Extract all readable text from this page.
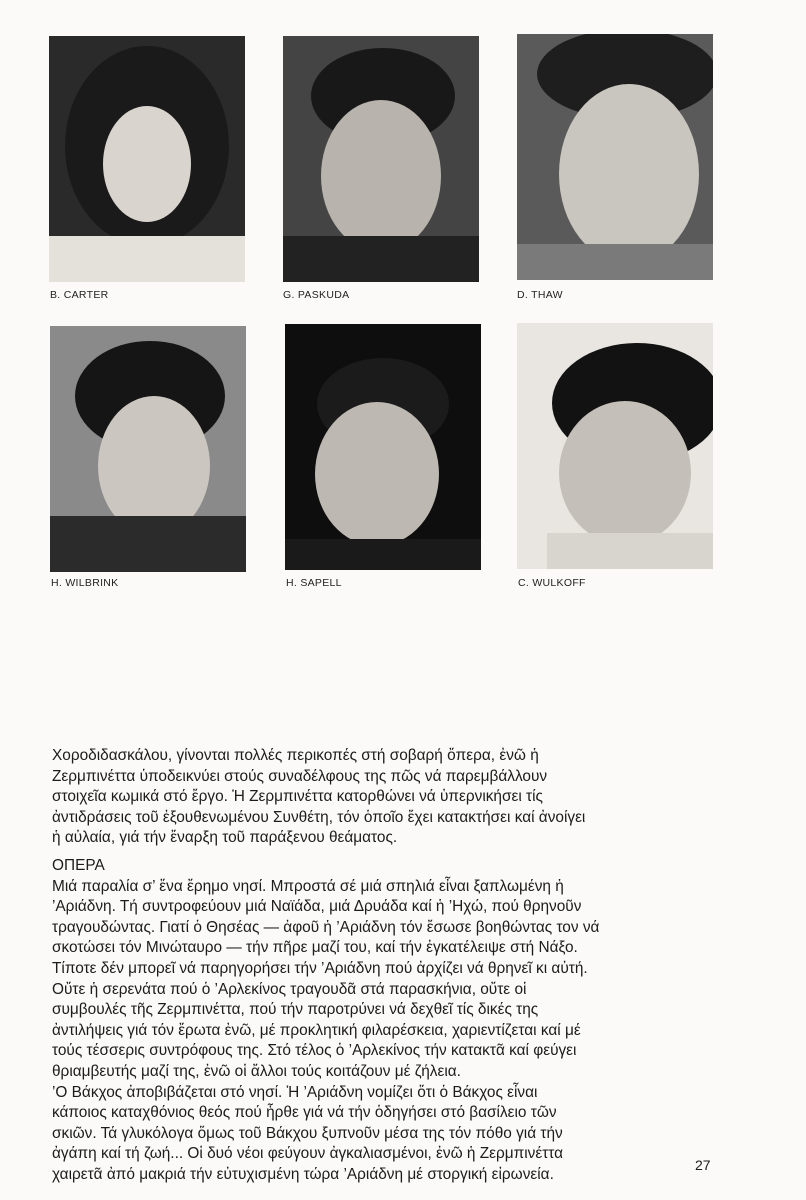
B. CARTER	G. PASKUDA	D. THAW
H. WILBRINK	H. SAPELL	C. WULKOFF

Χοροδιδασκάλου, γίνονται πολλές περικοπές στή σοβαρή ὄπερα, ἐνῶ ἡ

Ζερμπινέττα ὑποδεικνύει στούς συναδέλφους της πῶς νά παρεμβάλλουν

στοιχεῖα κωμικά στό ἔργο. Ἡ Ζερμπινέττα κατορθώνει νά ὑπερνικήσει τίς

ἀντιδράσεις τοῦ ἐξουθενωμένου Συνθέτη, τόν ὁποῖο ἔχει κατακτήσει καί ἀνοίγει

ἡ αὐλαία, γιά τήν ἔναρξη τοῦ παράξενου θεάματος.

ΟΠΕΡΑ

Μιά παραλία σ’ ἕνα ἔρημο νησί. Μπροστά σέ μιά σπηλιά εἶναι ξαπλωμένη ἡ

’Αριάδνη. Τή συντροφεύουν μιά Ναϊάδα, μιά Δρυάδα καί ἡ ’Ηχώ, πού θρηνοῦν

τραγουδώντας. Γιατί ὁ Θησέας — ἀφοῦ ἡ ’Αριάδνη τόν ἔσωσε βοηθώντας τον νά

σκοτώσει τόν Μινώταυρο — τήν πῆρε μαζί του, καί τήν ἐγκατέλειψε στή Νάξο.

Τίποτε δέν μπορεῖ νά παρηγορήσει τήν ’Αριάδνη πού ἀρχίζει νά θρηνεῖ κι αὐτή.

Οὔτε ἡ σερενάτα πού ὁ ’Αρλεκίνος τραγουδᾶ στά παρασκήνια, οὔτε οἱ

συμβουλές τῆς Ζερμπινέττα, πού τήν παροτρύνει νά δεχθεῖ τίς δικές της

ἀντιλήψεις γιά τόν ἔρωτα ἐνῶ, μέ προκλητική φιλαρέσκεια, χαριεντίζεται καί μέ

τούς τέσσερις συντρόφους της. Στό τέλος ὁ ’Αρλεκίνος τήν κατακτᾶ καί φεύγει

θριαμβευτής μαζί της, ἐνῶ οἱ ἄλλοι τούς κοιτάζουν μέ ζήλεια.

’Ο Βάκχος ἀποβιβάζεται στό νησί. Ἡ ’Αριάδνη νομίζει ὅτι ὁ Βάκχος εἶναι

κάποιος καταχθόνιος θεός πού ἦρθε γιά νά τήν ὁδηγήσει στό βασίλειο τῶν

σκιῶν. Τά γλυκόλογα ὅμως τοῦ Βάκχου ξυπνοῦν μέσα της τόν πόθο γιά τήν

ἀγάπη καί τή ζωή... Οἱ δυό νέοι φεύγουν ἀγκαλιασμένοι, ἐνῶ ἡ Ζερμπινέττα

χαιρετᾶ ἀπό μακριά τήν εὐτυχισμένη τώρα ’Αριάδνη μέ στοργική εἰρωνεία.

27
